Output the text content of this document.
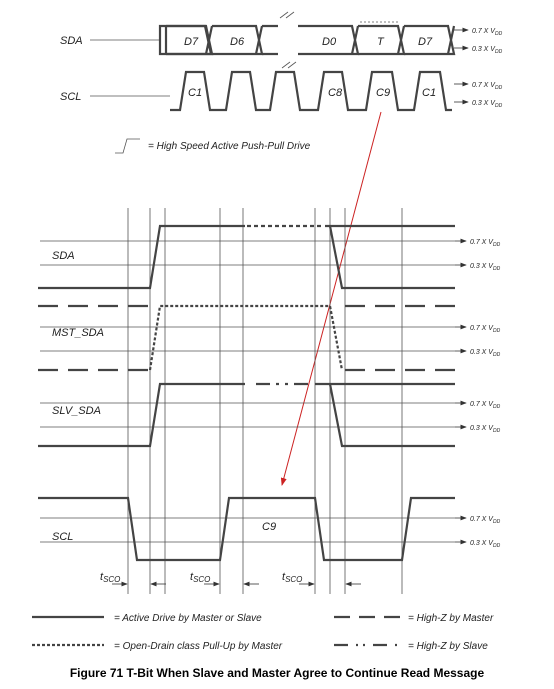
SDA	D7	D6	D0	T	D7
0.7 X $V_{DD}$
0.3 X $V_{DD}$
SCL	C1	C8	C9	C1
0.7 X $V_{DD}$
0.3 X $V_{DD}$
= High Speed Active Push-Pull Drive
SDA
MST_SDA
SLV_SDA
SCL
C9
0.7 X $V_{DD}$
0.3 X $V_{DD}$
0.7 X $V_{DD}$
0.3 X $V_{DD}$
0.7 X $V_{DD}$
0.3 X $V_{DD}$
0.7 X $V_{DD}$
0.3 X $V_{DD}$
tSCO	tSCO	tSCO
= Active Drive by Master or Slave	= High-Z by Master
= Open-Drain class Pull-Up by Master	= High-Z by Slave
Figure 71 T-Bit When Slave and Master Agree to Continue Read Message
